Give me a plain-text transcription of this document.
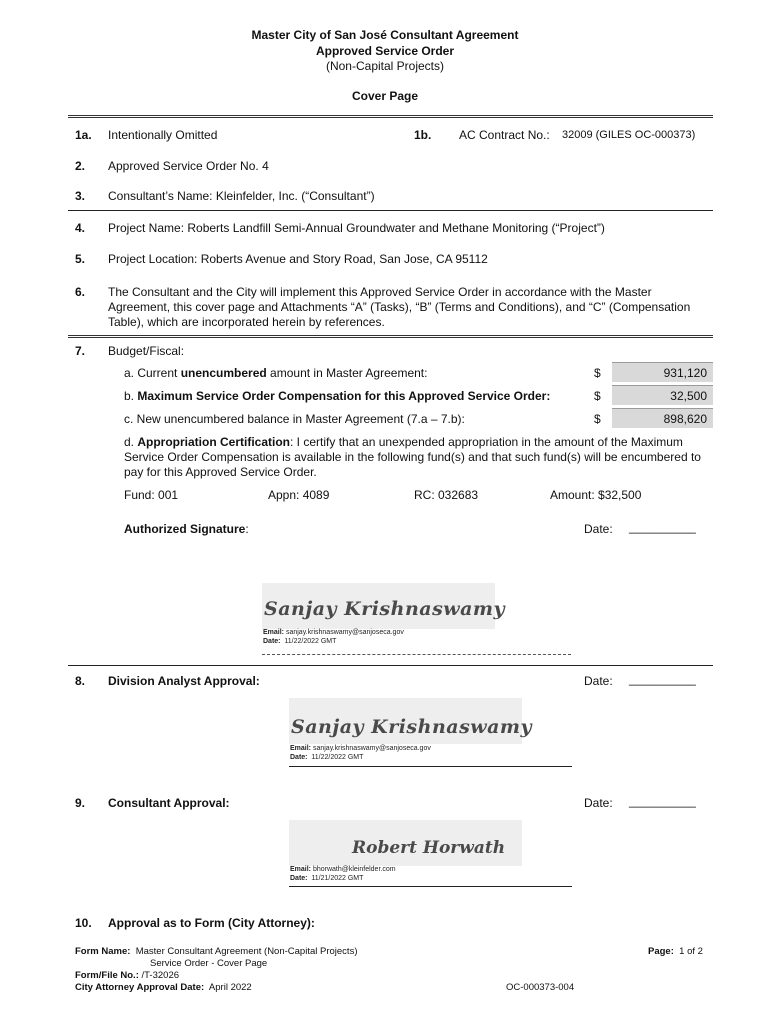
Master City of San José Consultant Agreement
Approved Service Order
(Non-Capital Projects)
Cover Page
1a. Intentionally Omitted	1b. AC Contract No.: 32009 (GILES OC-000373)
2. Approved Service Order No. 4
3. Consultant’s Name: Kleinfelder, Inc. (“Consultant”)
4. Project Name: Roberts Landfill Semi-Annual Groundwater and Methane Monitoring (“Project”)
5. Project Location: Roberts Avenue and Story Road, San Jose, CA 95112
6. The Consultant and the City will implement this Approved Service Order in accordance with the Master Agreement, this cover page and Attachments “A” (Tasks), “B” (Terms and Conditions), and “C” (Compensation Table), which are incorporated herein by references.
7. Budget/Fiscal:
a. Current unencumbered amount in Master Agreement:	$	931,120
b. Maximum Service Order Compensation for this Approved Service Order:	$	32,500
c. New unencumbered balance in Master Agreement (7.a – 7.b):	$	898,620
d. Appropriation Certification: I certify that an unexpended appropriation in the amount of the Maximum Service Order Compensation is available in the following fund(s) and that such fund(s) will be encumbered to pay for this Approved Service Order.
Fund: 001	Appn: 4089	RC: 032683	Amount: $32,500
Authorized Signature:	Date: __________
Sanjay Krishnaswamy
Email: sanjay.krishnaswamy@sanjoseca.gov
Date: 11/22/2022 GMT
8. Division Analyst Approval:	Date: __________
Sanjay Krishnaswamy
Email: sanjay.krishnaswamy@sanjoseca.gov
Date: 11/22/2022 GMT
9. Consultant Approval:	Date: __________
Robert Horwath
Email: bhorwath@kleinfelder.com
Date: 11/21/2022 GMT
10. Approval as to Form (City Attorney):
Form Name: Master Consultant Agreement (Non-Capital Projects)
Service Order - Cover Page
Form/File No.: /T-32026
City Attorney Approval Date: April 2022	OC-000373-004
Page: 1 of 2
